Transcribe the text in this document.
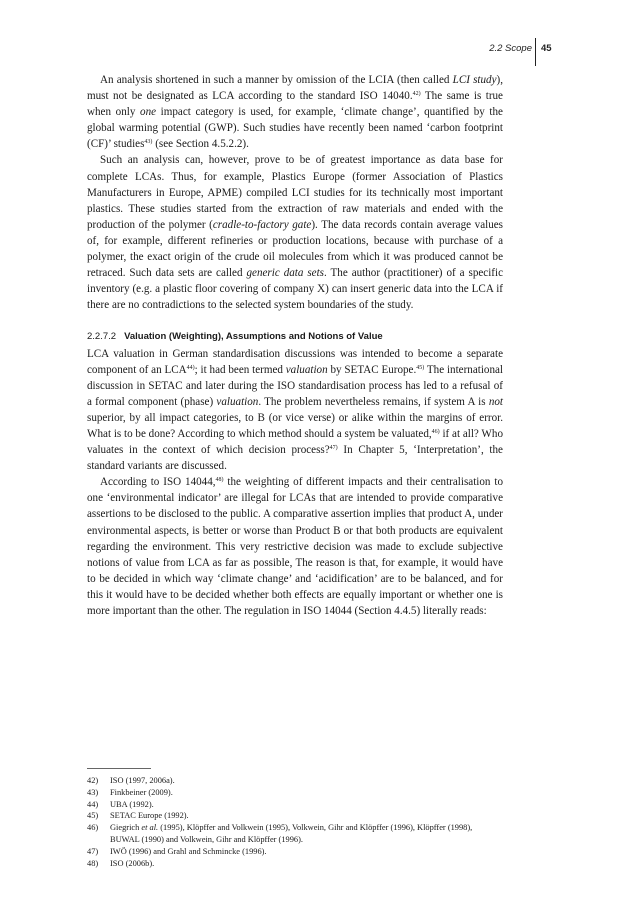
2.2 Scope 45

An analysis shortened in such a manner by omission of the LCIA (then called LCI study), must not be designated as LCA according to the standard ISO 14040.$^{42)}$ The same is true when only one impact category is used, for example, ‘climate change’, quantified by the global warming potential (GWP). Such studies have recently been named ‘carbon footprint (CF)’ studies$^{43)}$ (see Section 4.5.2.2).

Such an analysis can, however, prove to be of greatest importance as data base for complete LCAs. Thus, for example, Plastics Europe (former Association of Plastics Manufacturers in Europe, APME) compiled LCI studies for its technically most important plastics. These studies started from the extraction of raw materials and ended with the production of the polymer (cradle-to-factory gate). The data records contain average values of, for example, different refineries or production locations, because with purchase of a polymer, the exact origin of the crude oil molecules from which it was produced cannot be retraced. Such data sets are called generic data sets. The author (practitioner) of a specific inventory (e.g. a plastic floor covering of company X) can insert generic data into the LCA if there are no contradictions to the selected system boundaries of the study.

2.2.7.2 Valuation (Weighting), Assumptions and Notions of Value

LCA valuation in German standardisation discussions was intended to become a separate component of an LCA$^{44)}$; it had been termed valuation by SETAC Europe.$^{45)}$ The international discussion in SETAC and later during the ISO standardisation process has led to a refusal of a formal component (phase) valuation. The problem nevertheless remains, if system A is not superior, by all impact categories, to B (or vice verse) or alike within the margins of error. What is to be done? According to which method should a system be valuated,$^{46)}$ if at all? Who valuates in the context of which decision process?$^{47)}$ In Chapter 5, ‘Interpretation’, the standard variants are discussed.

According to ISO 14044,$^{48)}$ the weighting of different impacts and their centralisation to one ‘environmental indicator’ are illegal for LCAs that are intended to provide comparative assertions to be disclosed to the public. A comparative assertion implies that product A, under environmental aspects, is better or worse than Product B or that both products are equivalent regarding the environment. This very restrictive decision was made to exclude subjective notions of value from LCA as far as possible, The reason is that, for example, it would have to be decided in which way ‘climate change’ and ‘acidification’ are to be balanced, and for this it would have to be decided whether both effects are equally important or whether one is more important than the other. The regulation in ISO 14044 (Section 4.4.5) literally reads:

42)	ISO (1997, 2006a).
43)	Finkbeiner (2009).
44)	UBA (1992).
45)	SETAC Europe (1992).
46)	Giegrich et al. (1995), Klöpffer and Volkwein (1995), Volkwein, Gihr and Klöpffer (1996), Klöpffer (1998), BUWAL (1990) and Volkwein, Gihr and Klöpffer (1996).
47)	IWÖ (1996) and Grahl and Schmincke (1996).
48)	ISO (2006b).
